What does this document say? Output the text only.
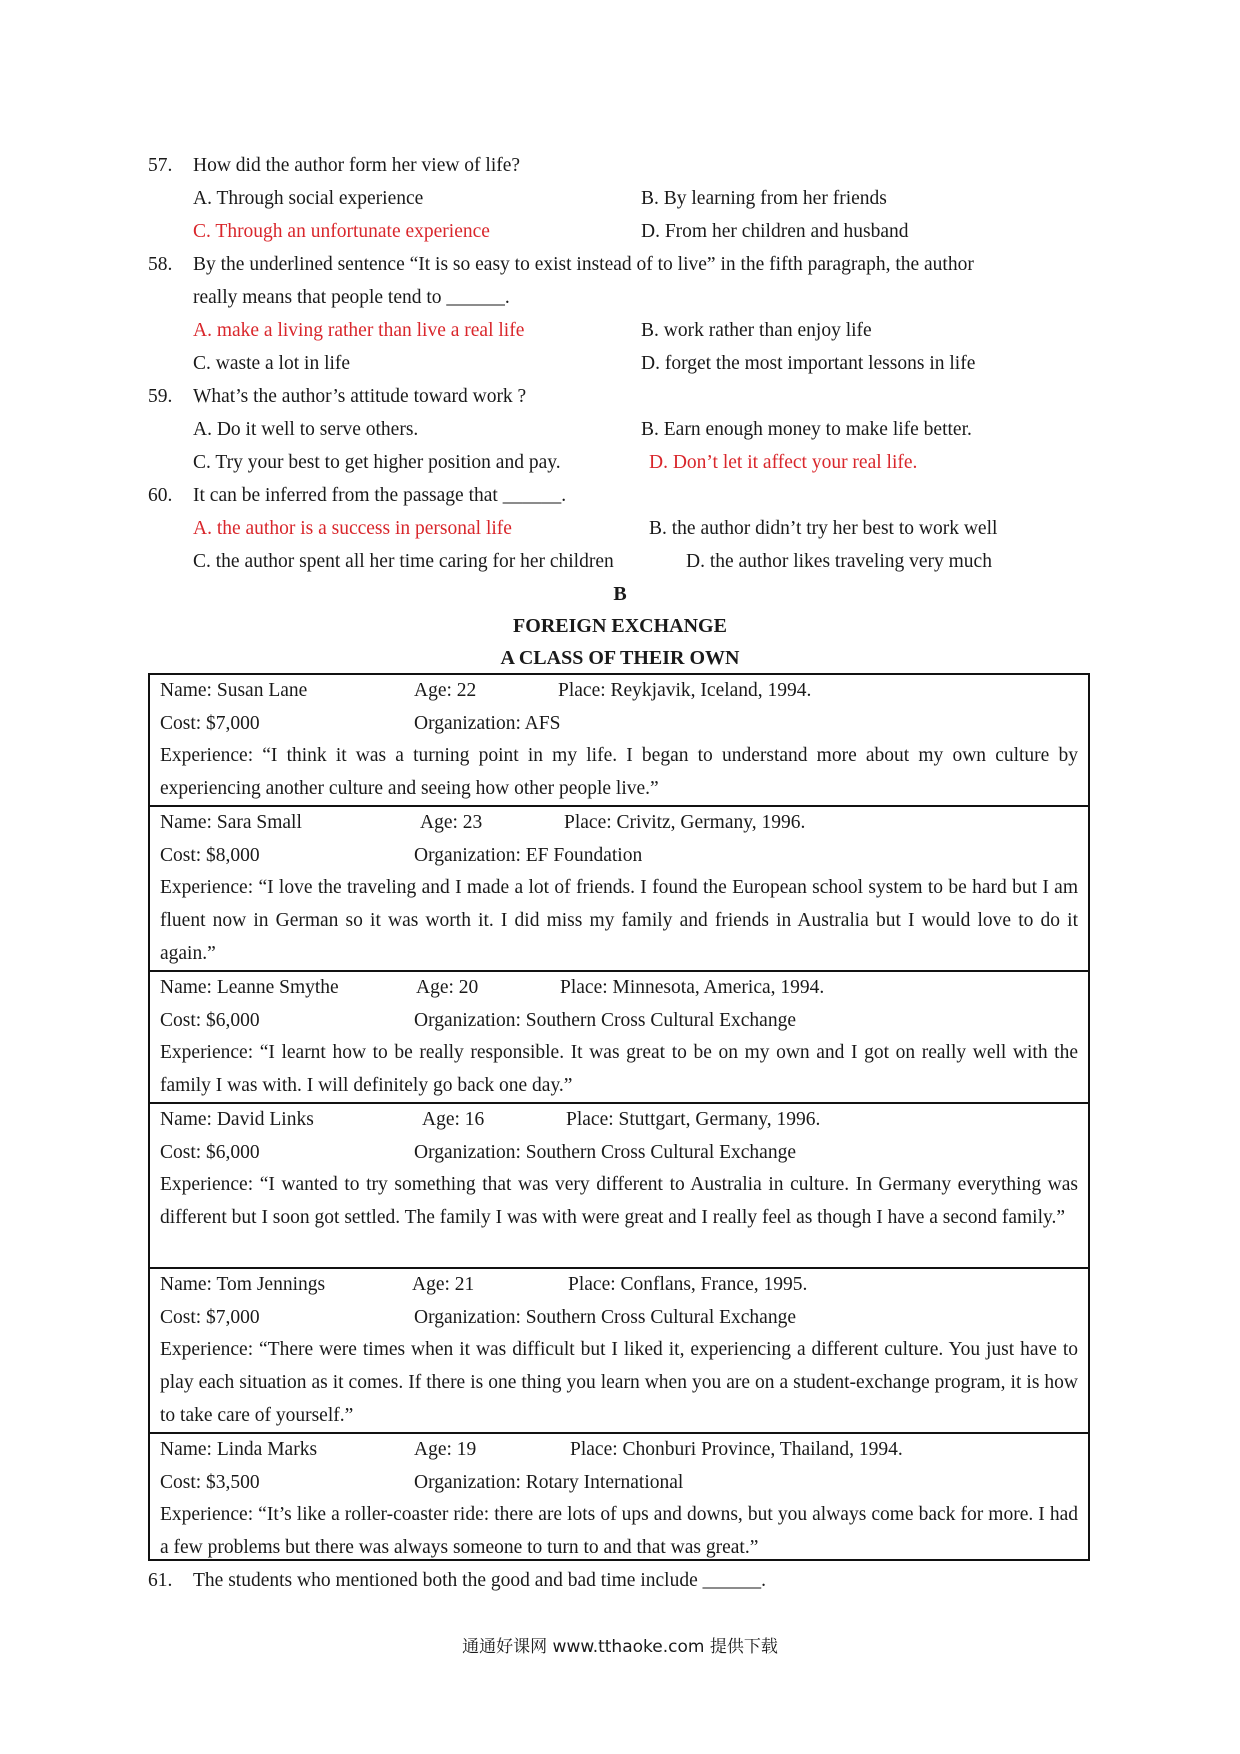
57. How did the author form her view of life?
A. Through social experience	B. By learning from her friends
C. Through an unfortunate experience	D. From her children and husband
58. By the underlined sentence “It is so easy to exist instead of to live” in the fifth paragraph, the author
really means that people tend to ______.
A. make a living rather than live a real life	B. work rather than enjoy life
C. waste a lot in life	D. forget the most important lessons in life
59. What’s the author’s attitude toward work ?
A. Do it well to serve others.	B. Earn enough money to make life better.
C. Try your best to get higher position and pay.	D. Don’t let it affect your real life.
60. It can be inferred from the passage that ______.
A. the author is a success in personal life	B. the author didn’t try her best to work well
C. the author spent all her time caring for her children	D. the author likes traveling very much
B
FOREIGN EXCHANGE
A CLASS OF THEIR OWN
Name: Susan Lane	Age: 22	Place: Reykjavik, Iceland, 1994.
Cost: $7,000	Organization: AFS
Experience: “I think it was a turning point in my life. I began to understand more about my own culture by experiencing another culture and seeing how other people live.”
Name: Sara Small	Age: 23	Place: Crivitz, Germany, 1996.
Cost: $8,000	Organization: EF Foundation
Experience: “I love the traveling and I made a lot of friends. I found the European school system to be hard but I am fluent now in German so it was worth it. I did miss my family and friends in Australia but I would love to do it again.”
Name: Leanne Smythe	Age: 20	Place: Minnesota, America, 1994.
Cost: $6,000	Organization: Southern Cross Cultural Exchange
Experience: “I learnt how to be really responsible. It was great to be on my own and I got on really well with the family I was with. I will definitely go back one day.”
Name: David Links	Age: 16	Place: Stuttgart, Germany, 1996.
Cost: $6,000	Organization: Southern Cross Cultural Exchange
Experience: “I wanted to try something that was very different to Australia in culture. In Germany everything was different but I soon got settled. The family I was with were great and I really feel as though I have a second family.”
Name: Tom Jennings	Age: 21	Place: Conflans, France, 1995.
Cost: $7,000	Organization: Southern Cross Cultural Exchange
Experience: “There were times when it was difficult but I liked it, experiencing a different culture. You just have to play each situation as it comes. If there is one thing you learn when you are on a student-exchange program, it is how to take care of yourself.”
Name: Linda Marks	Age: 19	Place: Chonburi Province, Thailand, 1994.
Cost: $3,500	Organization: Rotary International
Experience: “It’s like a roller-coaster ride: there are lots of ups and downs, but you always come back for more. I had a few problems but there was always someone to turn to and that was great.”
61. The students who mentioned both the good and bad time include ______.
通通好课网 www.tthaoke.com 提供下载
